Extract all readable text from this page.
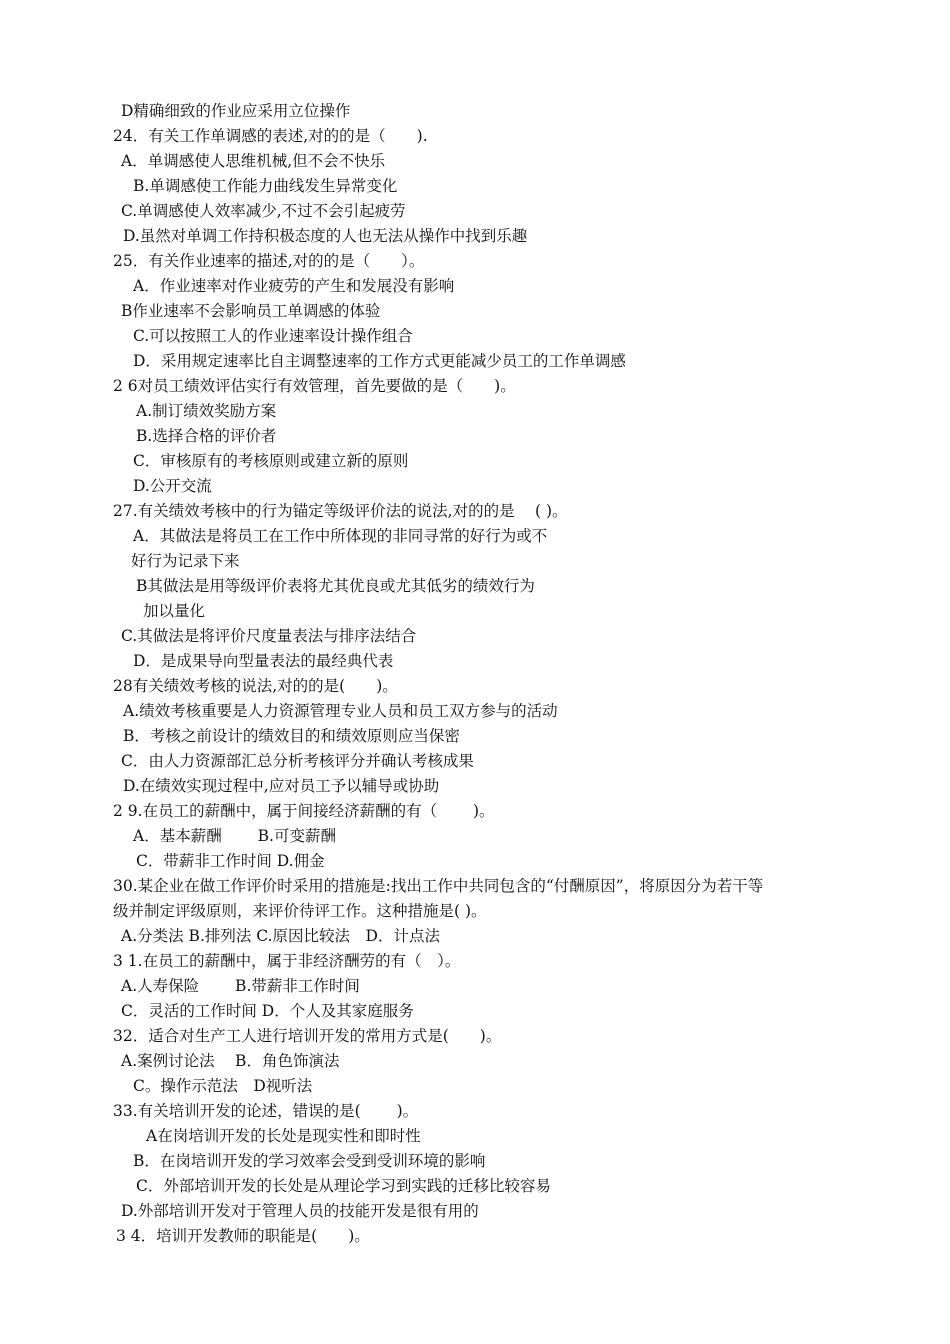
D精确细致的作业应采用立位操作
24．有关工作单调感的表述,对的的是（　　).
A．单调感使人思维机械,但不会不快乐
B.单调感使工作能力曲线发生异常变化
C.单调感使人效率减少,不过不会引起疲劳
D.虽然对单调工作持积极态度的人也无法从操作中找到乐趣
25．有关作业速率的描述,对的的是（　　）。
A．作业速率对作业疲劳的产生和发展没有影响
B作业速率不会影响员工单调感的体验
C.可以按照工人的作业速率设计操作组合
D．采用规定速率比自主调整速率的工作方式更能减少员工的工作单调感
2 6对员工绩效评估实行有效管理，首先要做的是（　　)。
A.制订绩效奖励方案
B.选择合格的评价者
C．审核原有的考核原则或建立新的原则
D.公开交流
27.有关绩效考核中的行为锚定等级评价法的说法,对的的是　 ( )。
A．其做法是将员工在工作中所体现的非同寻常的好行为或不
好行为记录下来
B其做法是用等级评价表将尤其优良或尤其低劣的绩效行为
加以量化
C.其做法是将评价尺度量表法与排序法结合
D．是成果导向型量表法的最经典代表
28有关绩效考核的说法,对的的是(　　)。
A.绩效考核重要是人力资源管理专业人员和员工双方参与的活动
B．考核之前设计的绩效目的和绩效原则应当保密
C．由人力资源部汇总分析考核评分并确认考核成果
D.在绩效实现过程中,应对员工予以辅导或协助
2 9.在员工的薪酬中，属于间接经济薪酬的有（　　 )。
A．基本薪酬　　 B.可变薪酬
C．带薪非工作时间 D.佣金
30.某企业在做工作评价时采用的措施是:找出工作中共同包含的“付酬原因”，将原因分为若干等
级并制定评级原则，来评价待评工作。这种措施是( )。
A.分类法 B.排列法 C.原因比较法　D．计点法
3 1.在员工的薪酬中，属于非经济酬劳的有（　）。
A.人寿保险　　 B.带薪非工作时间
C．灵活的工作时间 D．个人及其家庭服务
32．适合对生产工人进行培训开发的常用方式是(　　)。
A.案例讨论法　 B．角色饰演法
C。操作示范法　D视听法
33.有关培训开发的论述，错误的是(　　 )。
A在岗培训开发的长处是现实性和即时性
B．在岗培训开发的学习效率会受到受训环境的影响
C．外部培训开发的长处是从理论学习到实践的迁移比较容易
D.外部培训开发对于管理人员的技能开发是很有用的
3 4．培训开发教师的职能是(　　)。
